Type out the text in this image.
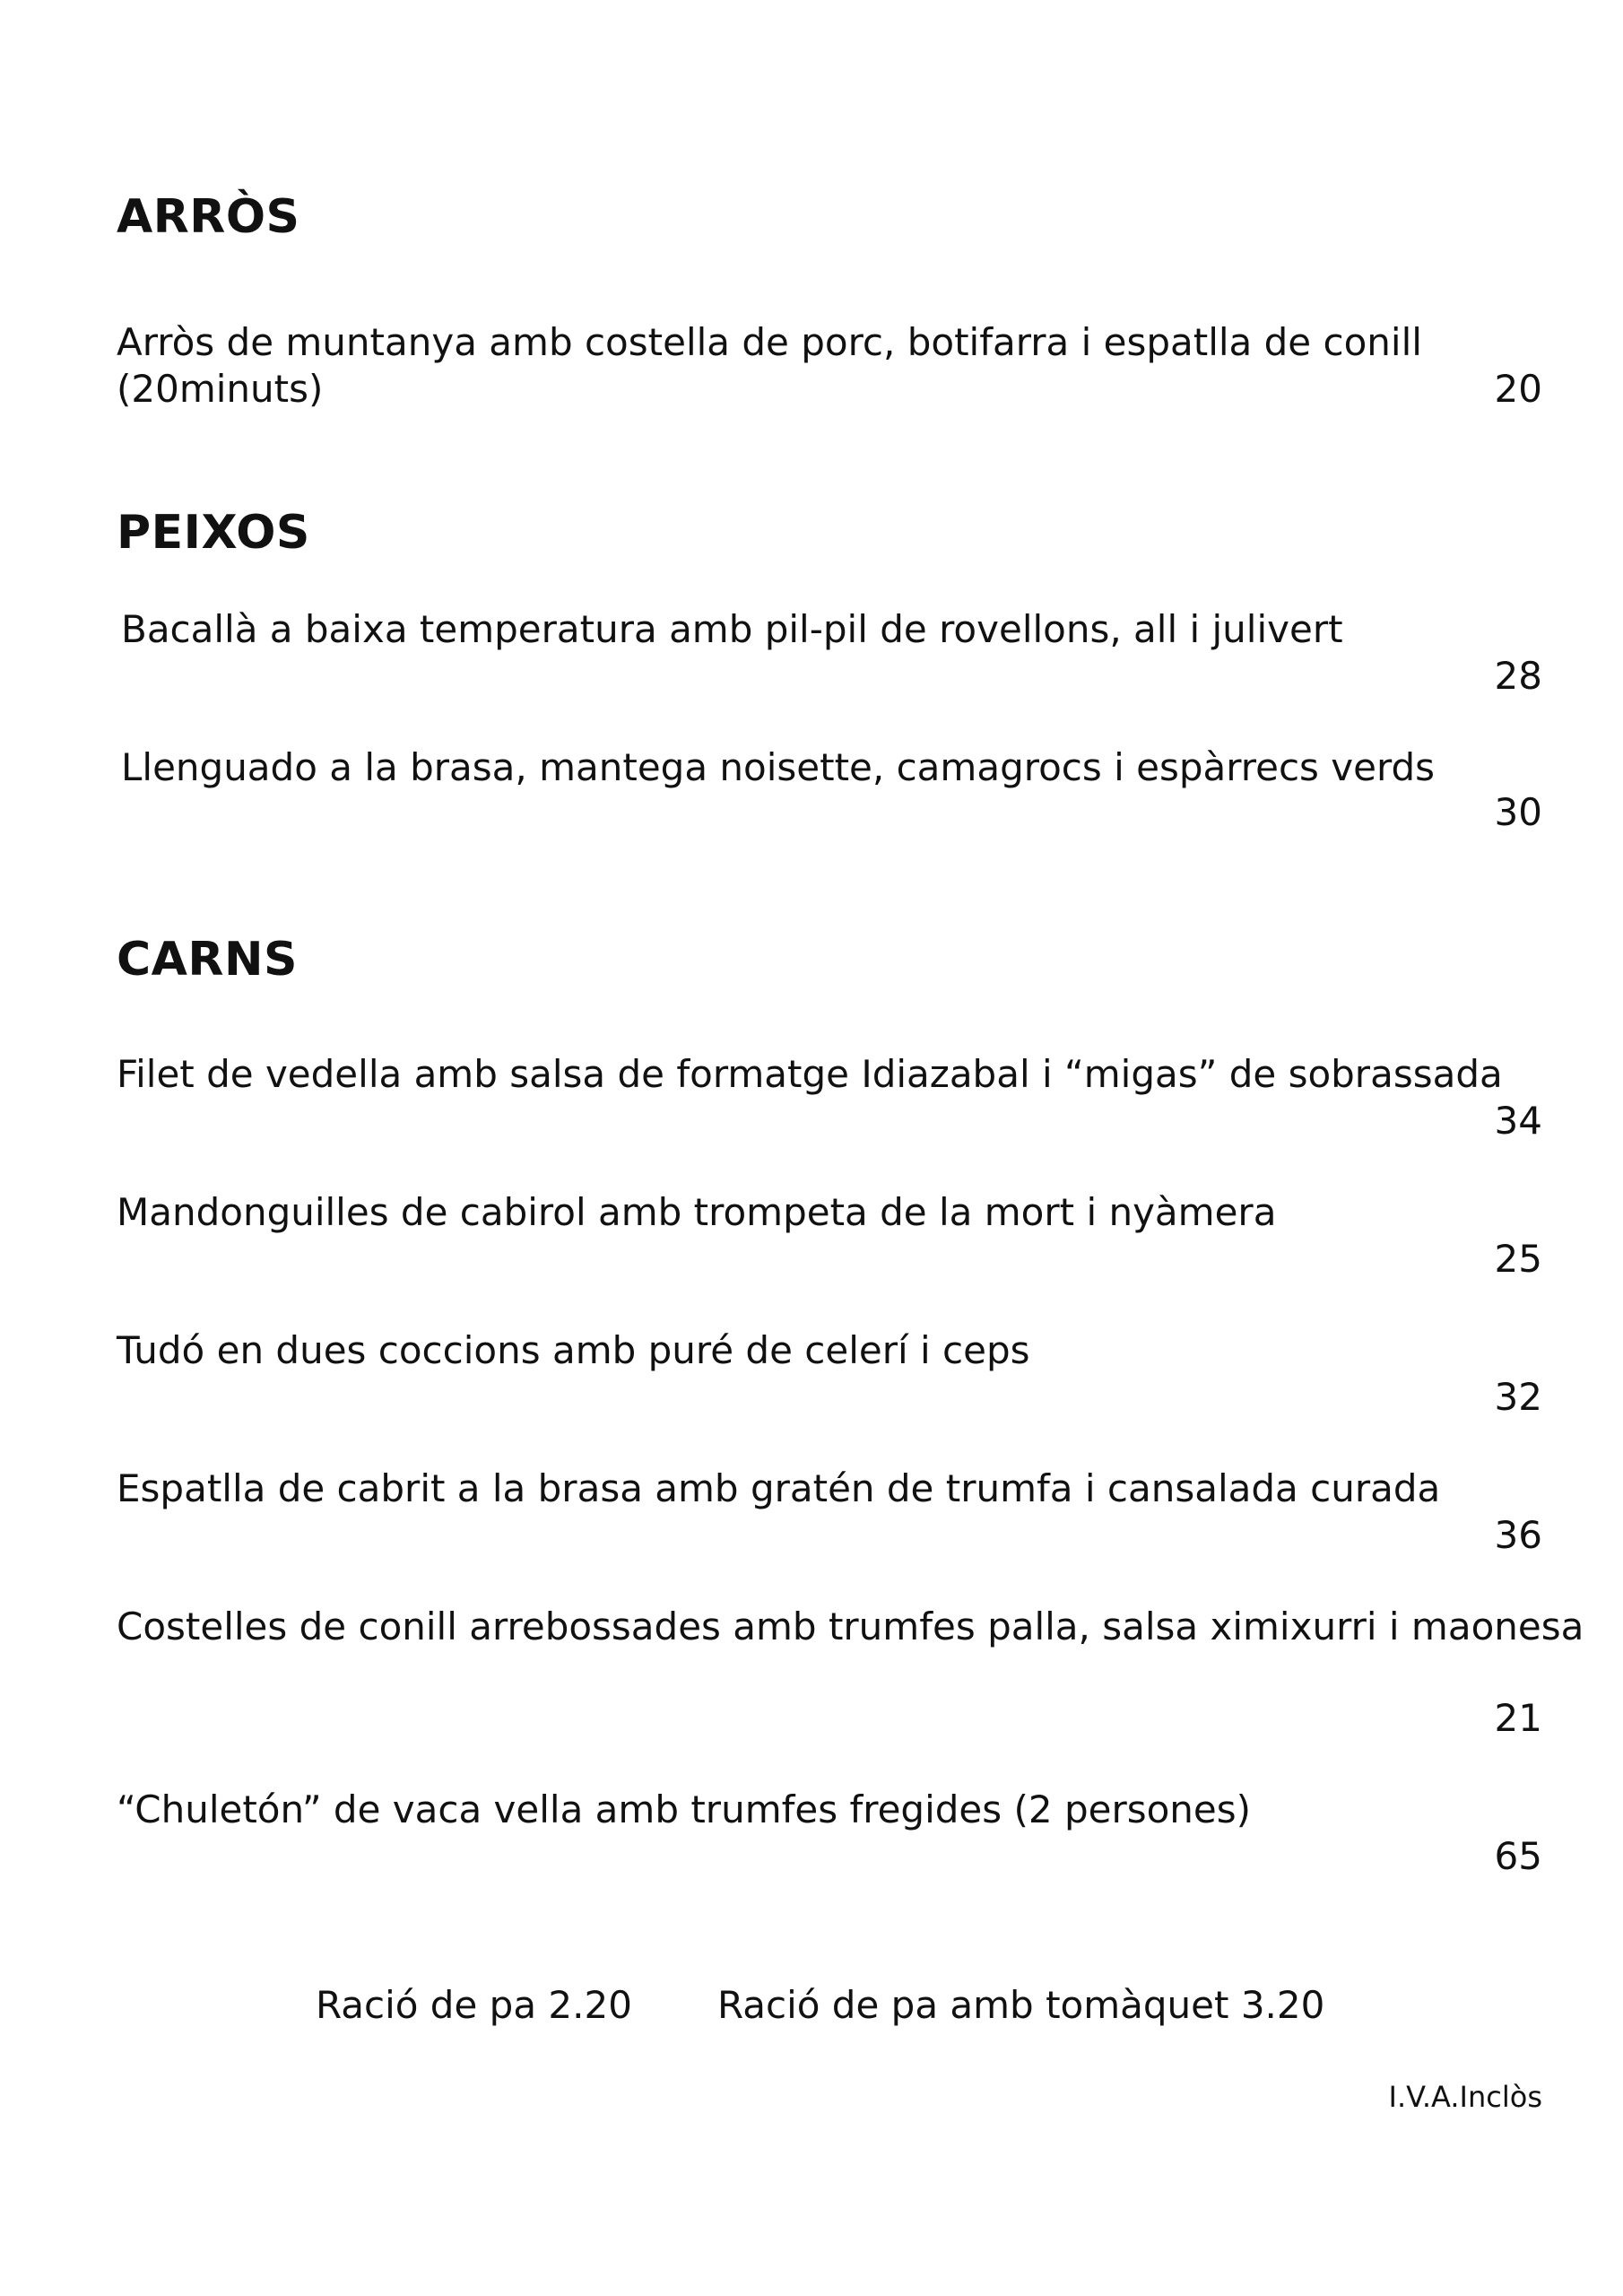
ARRÒS
Arròs de muntanya amb costella de porc, botifarra i espatlla de conill
(20minuts)	20
PEIXOS
Bacallà a baixa temperatura amb pil-pil de rovellons, all i julivert
28
Llenguado a la brasa, mantega noisette, camagrocs i espàrrecs verds
30
CARNS
Filet de vedella amb salsa de formatge Idiazabal i “migas” de sobrassada
34
Mandonguilles de cabirol amb trompeta de la mort i nyàmera
25
Tudó en dues coccions amb puré de celerí i ceps
32
Espatlla de cabrit a la brasa amb gratén de trumfa i cansalada curada
36
Costelles de conill arrebossades amb trumfes palla, salsa ximixurri i maonesa
21
“Chuletón” de vaca vella amb trumfes fregides (2 persones)
65
Ració de pa 2.20 Ració de pa amb tomàquet 3.20
I.V.A.Inclòs
